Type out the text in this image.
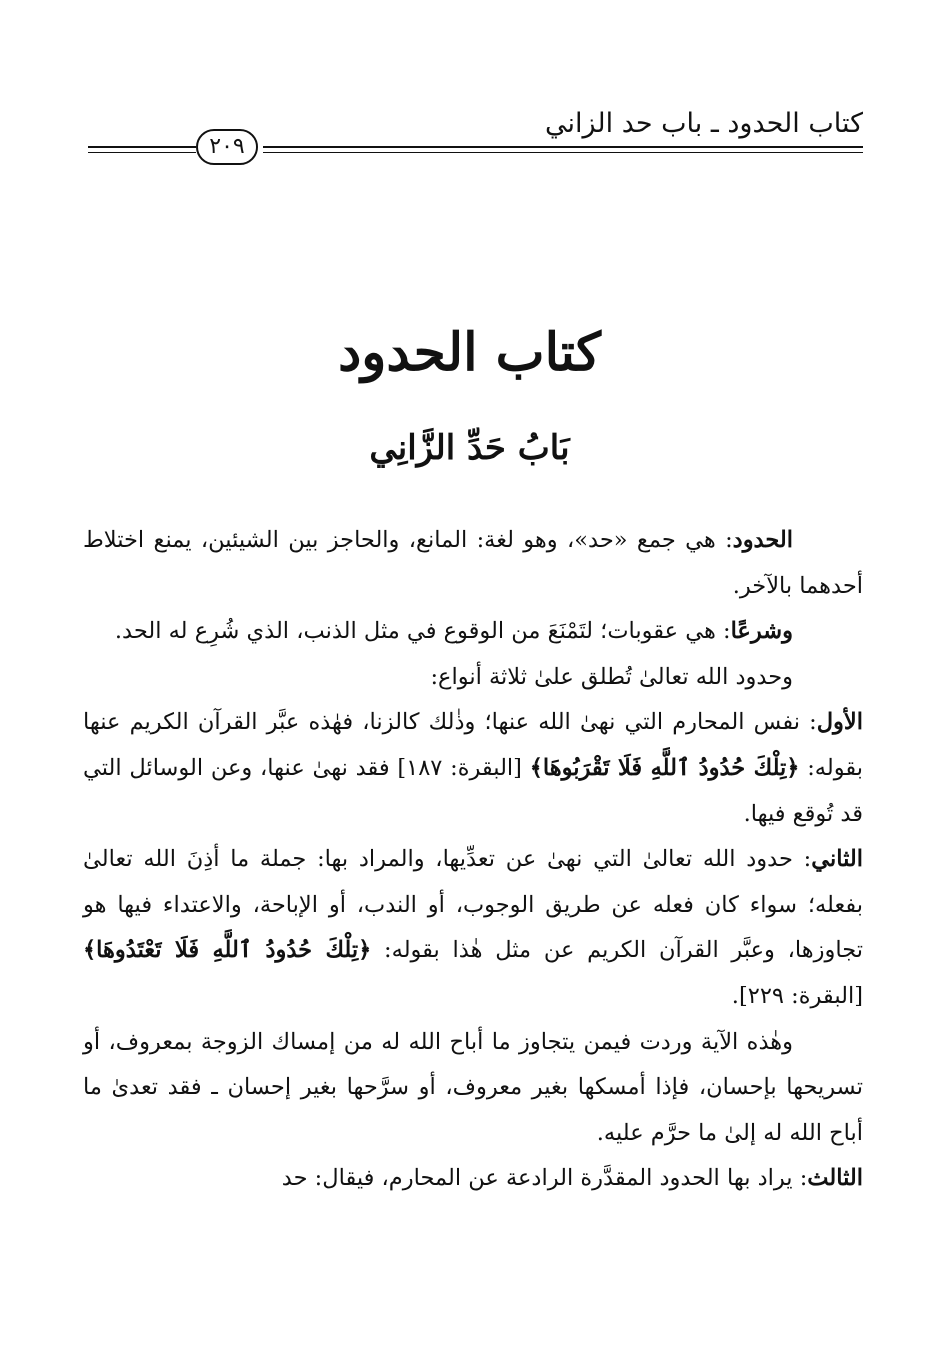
كتاب الحدود ـ باب حد الزاني
٢٠٩
كتاب الحدود
بَابُ حَدِّ الزَّانِي

الحدود: هي جمع «حد»، وهو لغة: المانع، والحاجز بين الشيئين، يمنع اختلاط أحدهما بالآخر.

وشرعًا: هي عقوبات؛ لتَمْنَعَ من الوقوع في مثل الذنب، الذي شُرِع له الحد.

وحدود الله تعالىٰ تُطلق علىٰ ثلاثة أنواع:

الأول: نفس المحارم التي نهىٰ الله عنها؛ وذٰلك كالزنا، فهٰذه عبَّر القرآن الكريم عنها بقوله: ﴿تِلْكَ حُدُودُ ٱللَّهِ فَلَا تَقْرَبُوهَا﴾ [البقرة: ١٨٧] فقد نهىٰ عنها، وعن الوسائل التي قد تُوقع فيها.

الثاني: حدود الله تعالىٰ التي نهىٰ عن تعدِّيها، والمراد بها: جملة ما أذِنَ الله تعالىٰ بفعله؛ سواء كان فعله عن طريق الوجوب، أو الندب، أو الإباحة، والاعتداء فيها هو تجاوزها، وعبَّر القرآن الكريم عن مثل هٰذا بقوله: ﴿تِلْكَ حُدُودُ ٱللَّهِ فَلَا تَعْتَدُوهَا﴾ [البقرة: ٢٢٩].

وهٰذه الآية وردت فيمن يتجاوز ما أباح الله له من إمساك الزوجة بمعروف، أو تسريحها بإحسان، فإذا أمسكها بغير معروف، أو سرَّحها بغير إحسان ـ فقد تعدىٰ ما أباح الله له إلىٰ ما حرَّم عليه.

الثالث: يراد بها الحدود المقدَّرة الرادعة عن المحارم، فيقال: حد
